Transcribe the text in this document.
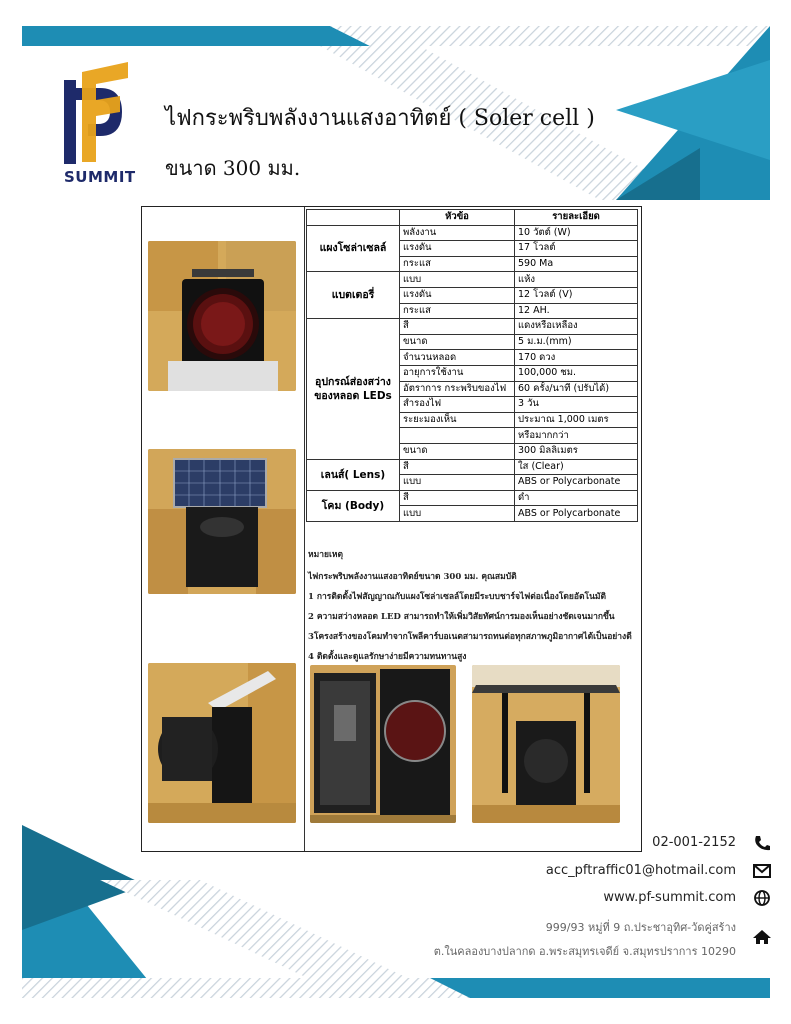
SUMMIT
ไฟกระพริบพลังงานแสงอาทิตย์ ( Soler cell )
ขนาด 300 มม.
	หัวข้อ	รายละเอียด
แผงโซล่าเซลล์	พลังงาน	10 วัตต์ (W)
	แรงดัน	17 โวลต์
	กระแส	590 Ma
แบตเตอรี่	แบบ	แห้ง
	แรงดัน	12 โวลต์ (V)
	กระแส	12 AH.
อุปกรณ์ส่องสว่างของหลอด LEDs	สี	แดงหรือเหลือง
	ขนาด	5 ม.ม.(mm)
	จำนวนหลอด	170 ดวง
	อายุการใช้งาน	100,000 ชม.
	อัตราการ กระพริบของไฟ	60 ครั้ง/นาที (ปรับได้)
	สำรองไฟ	3 วัน
	ระยะมองเห็น	ประมาณ 1,000 เมตร
		หรือมากกว่า
	ขนาด	300 มิลลิเมตร
เลนส์( Lens)	สี	ใส (Clear)
	แบบ	ABS or Polycarbonate
โคม (Body)	สี	ดำ
	แบบ	ABS or Polycarbonate
หมายเหตุ
ไฟกระพริบพลังงานแสงอาทิตย์ขนาด 300 มม. คุณสมบัติ
1 การติดตั้งไฟสัญญาณกับแผงโซล่าเซลล์โดยมีระบบชาร์จไฟต่อเนื่องโดยอัตโนมัติ
2 ความสว่างหลอด LED สามารถทำให้เพิ่มวิสัยทัศน์การมองเห็นอย่างชัดเจนมากขึ้น
3โครงสร้างของโคมทำจากโพลีคาร์บอเนตสามารถทนต่อทุกสภาพภูมิอากาศได้เป็นอย่างดี
4 ติดตั้งและดูแลรักษาง่ายมีความทนทานสูง
02-001-2152
acc_pftraffic01@hotmail.com
www.pf-summit.com
999/93 หมู่ที่ 9 ถ.ประชาอุทิศ-วัดคู่สร้าง
ต.ในคลองบางปลากด อ.พระสมุทรเจดีย์ จ.สมุทรปราการ 10290
